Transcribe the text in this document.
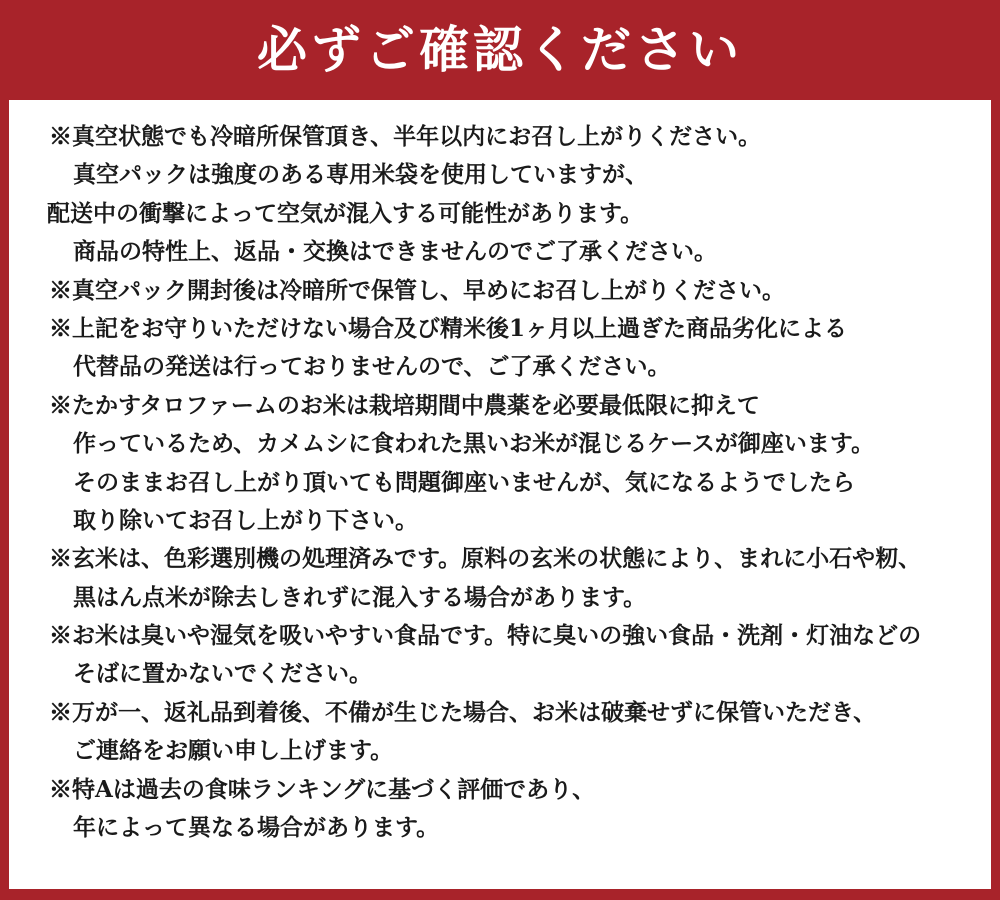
必ずご確認ください
※真空状態でも冷暗所保管頂き、半年以内にお召し上がりください。
真空パックは強度のある専用米袋を使用していますが、
配送中の衝撃によって空気が混入する可能性があります。
商品の特性上、返品・交換はできませんのでご了承ください。
※真空パック開封後は冷暗所で保管し、早めにお召し上がりください。
※上記をお守りいただけない場合及び精米後1ヶ月以上過ぎた商品劣化による
代替品の発送は行っておりませんので、ご了承ください。
※たかすタロファームのお米は栽培期間中農薬を必要最低限に抑えて
作っているため、カメムシに食われた黒いお米が混じるケースが御座います。
そのままお召し上がり頂いても問題御座いませんが、気になるようでしたら
取り除いてお召し上がり下さい。
※玄米は、色彩選別機の処理済みです。原料の玄米の状態により、まれに小石や籾、
黒はん点米が除去しきれずに混入する場合があります。
※お米は臭いや湿気を吸いやすい食品です。特に臭いの強い食品・洗剤・灯油などの
そばに置かないでください。
※万が一、返礼品到着後、不備が生じた場合、お米は破棄せずに保管いただき、
ご連絡をお願い申し上げます。
※特Aは過去の食味ランキングに基づく評価であり、
年によって異なる場合があります。
